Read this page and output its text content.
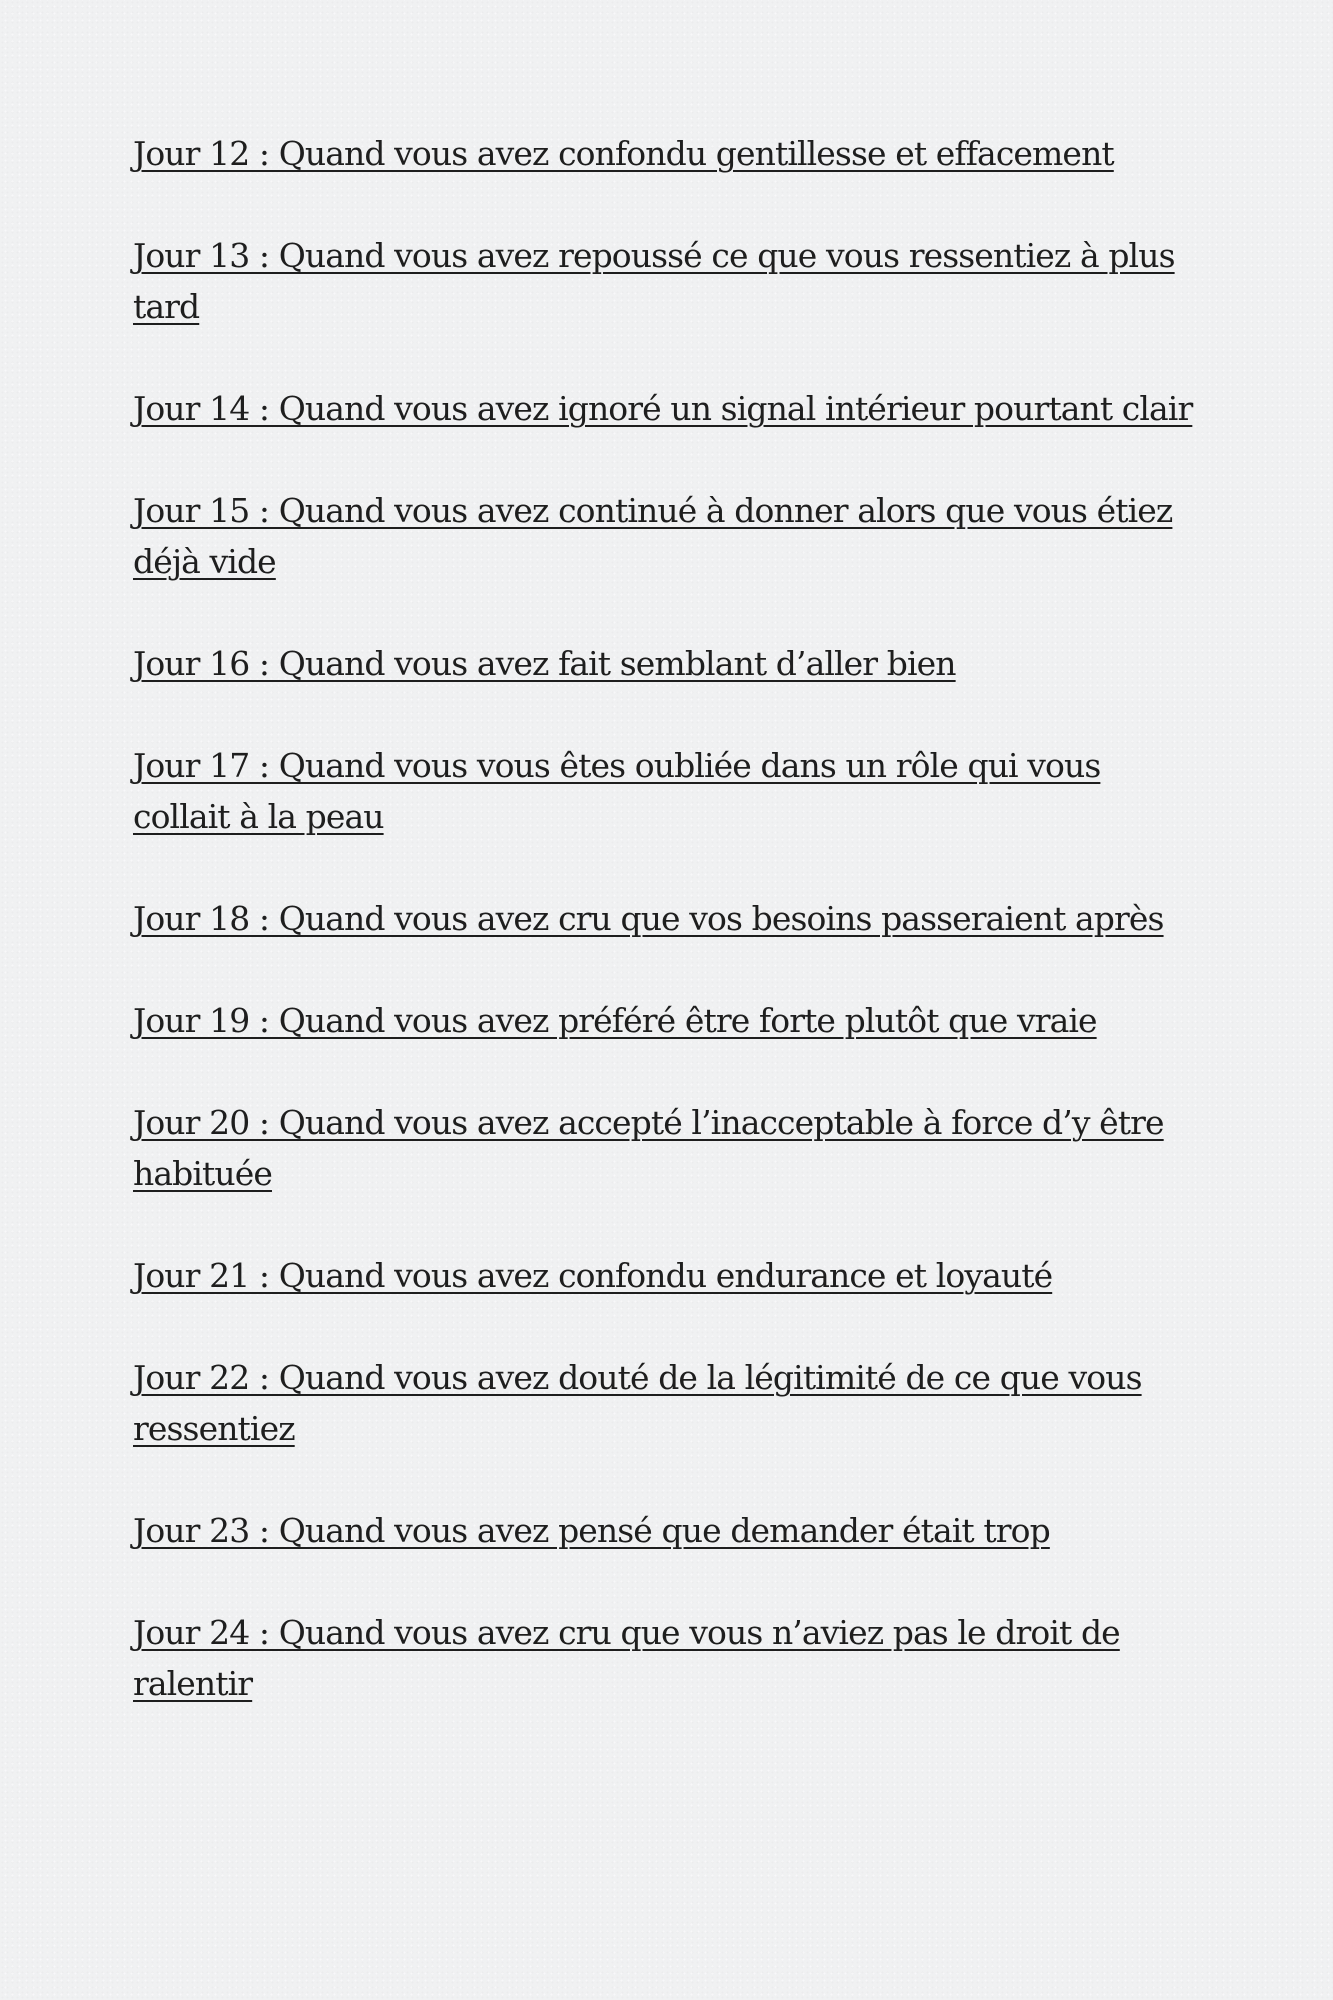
Jour 12 : Quand vous avez confondu gentillesse et effacement
Jour 13 : Quand vous avez repoussé ce que vous ressentiez à plus tard
Jour 14 : Quand vous avez ignoré un signal intérieur pourtant clair
Jour 15 : Quand vous avez continué à donner alors que vous étiez déjà vide
Jour 16 : Quand vous avez fait semblant d’aller bien
Jour 17 : Quand vous vous êtes oubliée dans un rôle qui vous collait à la peau
Jour 18 : Quand vous avez cru que vos besoins passeraient après
Jour 19 : Quand vous avez préféré être forte plutôt que vraie
Jour 20 : Quand vous avez accepté l’inacceptable à force d’y être habituée
Jour 21 : Quand vous avez confondu endurance et loyauté
Jour 22 : Quand vous avez douté de la légitimité de ce que vous ressentiez
Jour 23 : Quand vous avez pensé que demander était trop
Jour 24 : Quand vous avez cru que vous n’aviez pas le droit de ralentir
